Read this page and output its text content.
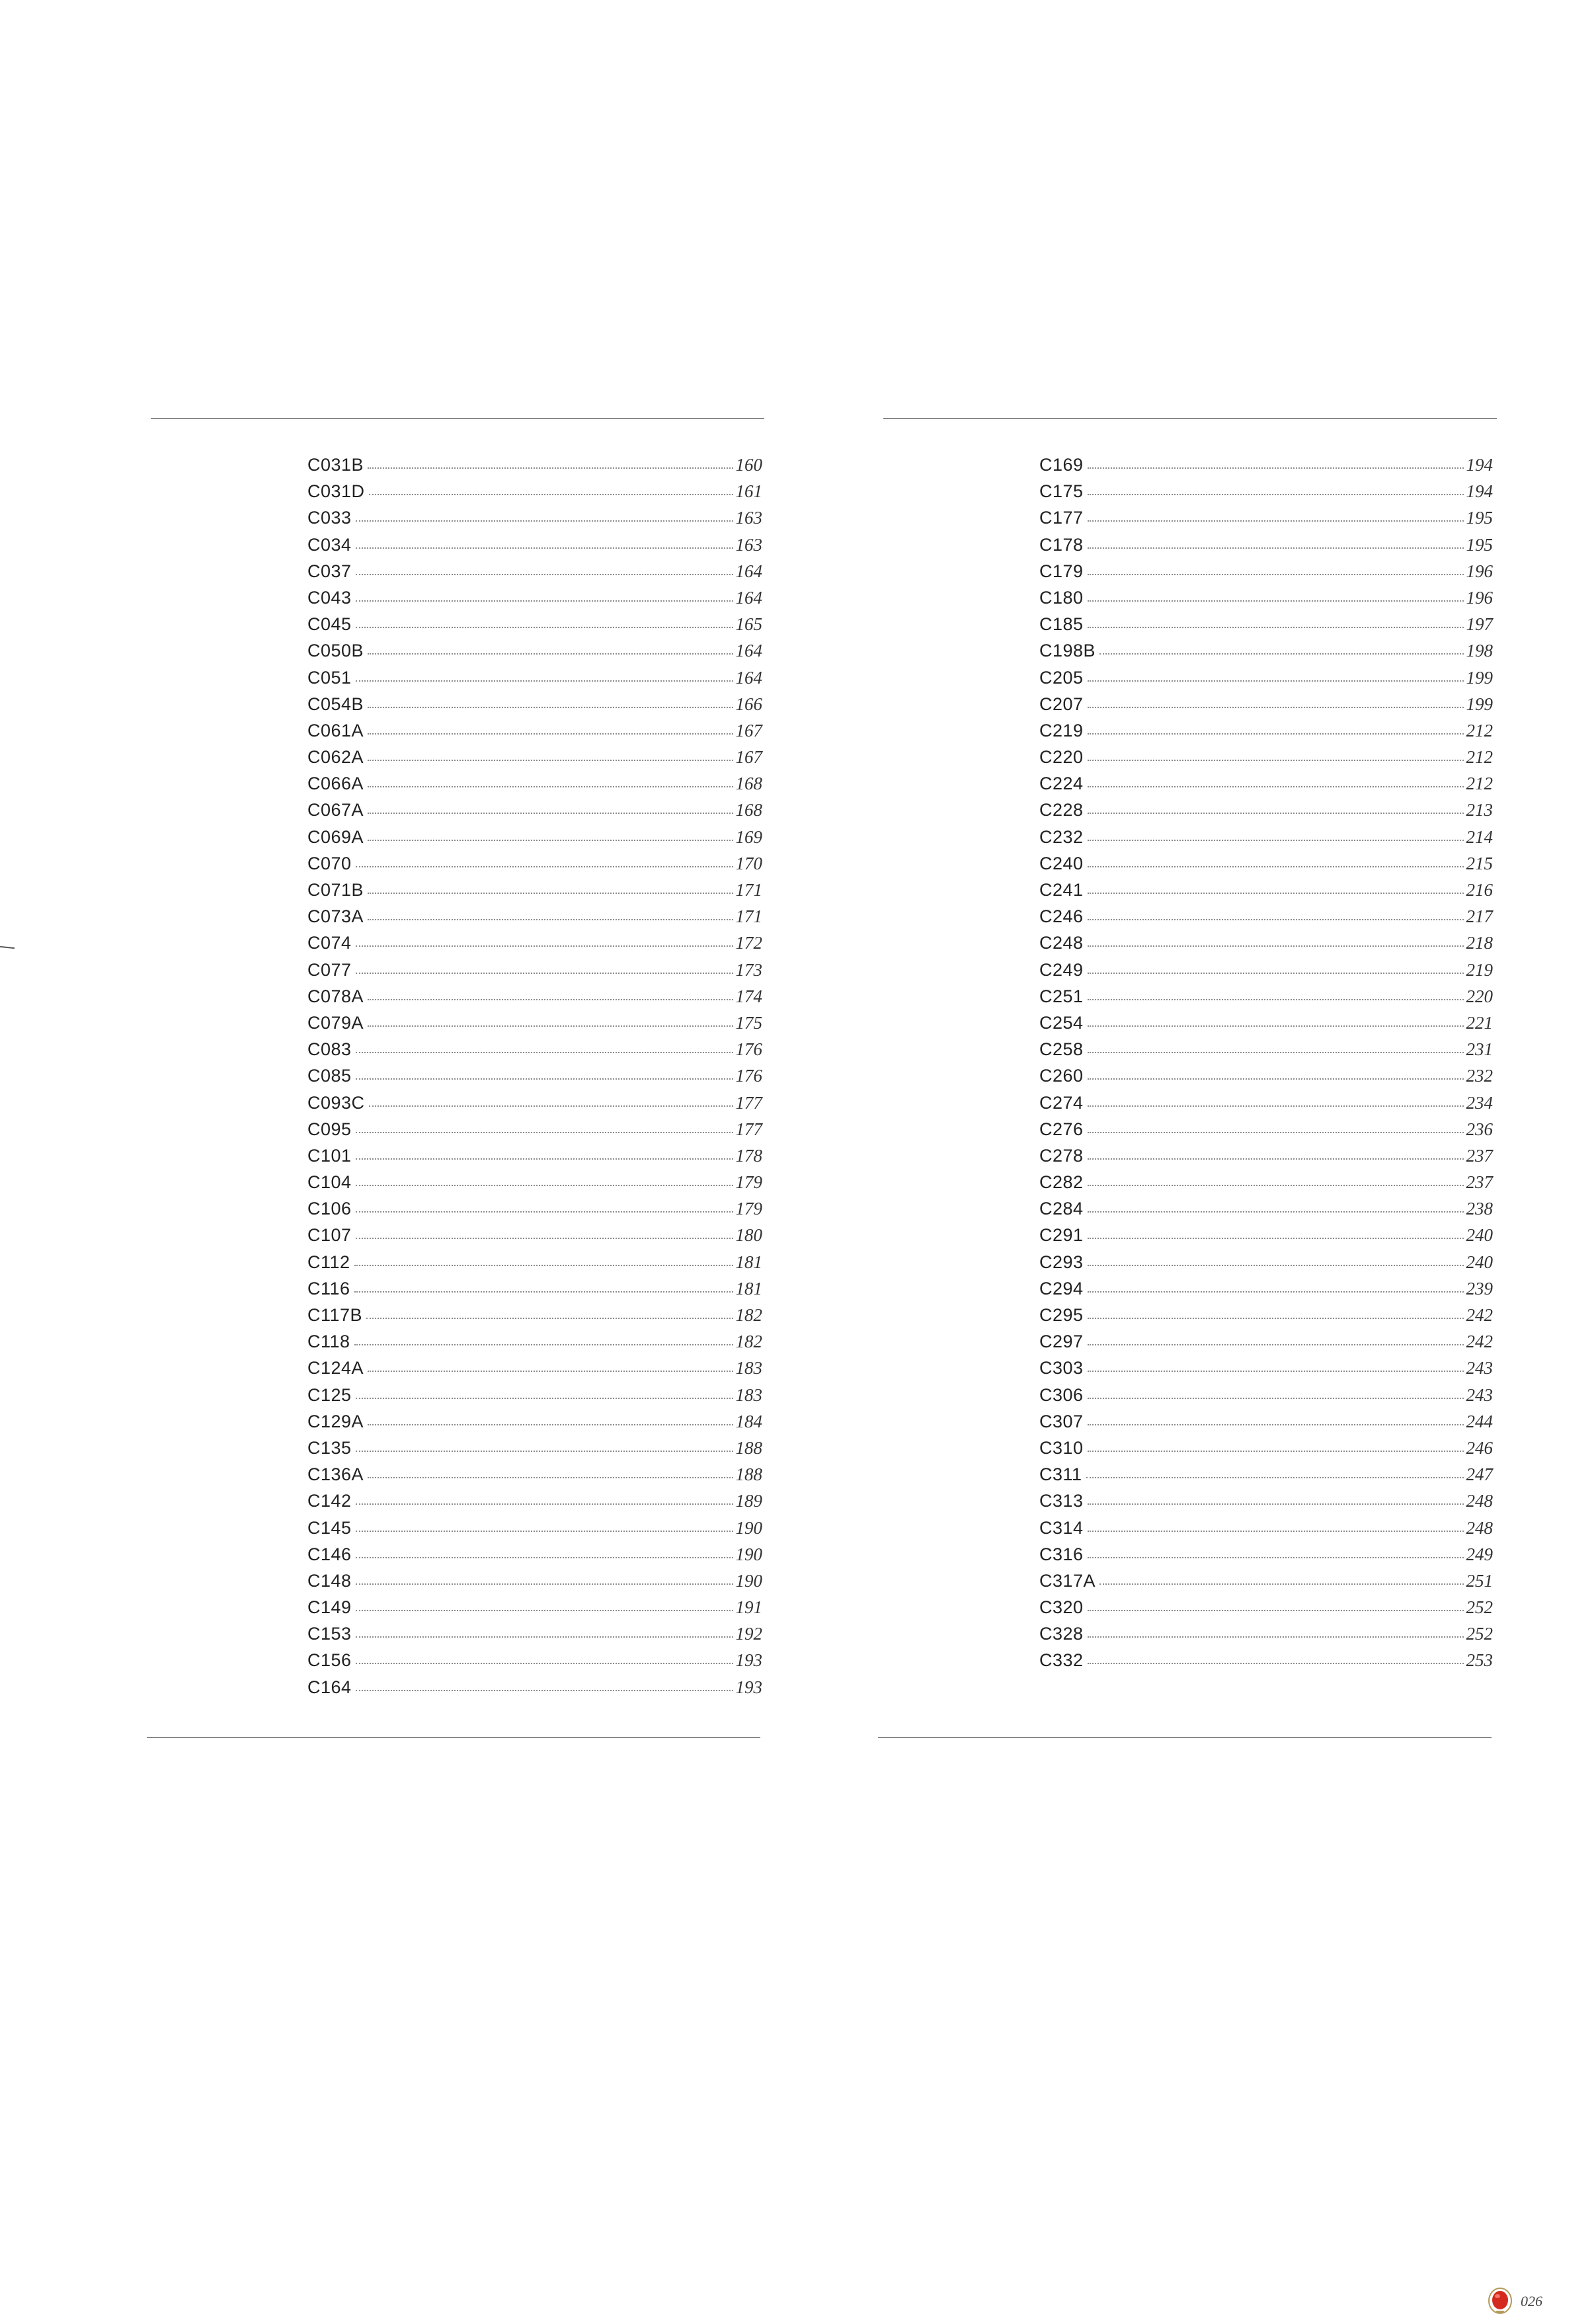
C031B	160
C031D	161
C033	163
C034	163
C037	164
C043	164
C045	165
C050B	164
C051	164
C054B	166
C061A	167
C062A	167
C066A	168
C067A	168
C069A	169
C070	170
C071B	171
C073A	171
C074	172
C077	173
C078A	174
C079A	175
C083	176
C085	176
C093C	177
C095	177
C101	178
C104	179
C106	179
C107	180
C112	181
C116	181
C117B	182
C118	182
C124A	183
C125	183
C129A	184
C135	188
C136A	188
C142	189
C145	190
C146	190
C148	190
C149	191
C153	192
C156	193
C164	193
C169	194
C175	194
C177	195
C178	195
C179	196
C180	196
C185	197
C198B	198
C205	199
C207	199
C219	212
C220	212
C224	212
C228	213
C232	214
C240	215
C241	216
C246	217
C248	218
C249	219
C251	220
C254	221
C258	231
C260	232
C274	234
C276	236
C278	237
C282	237
C284	238
C291	240
C293	240
C294	239
C295	242
C297	242
C303	243
C306	243
C307	244
C310	246
C311	247
C313	248
C314	248
C316	249
C317A	251
C320	252
C328	252
C332	253
026
